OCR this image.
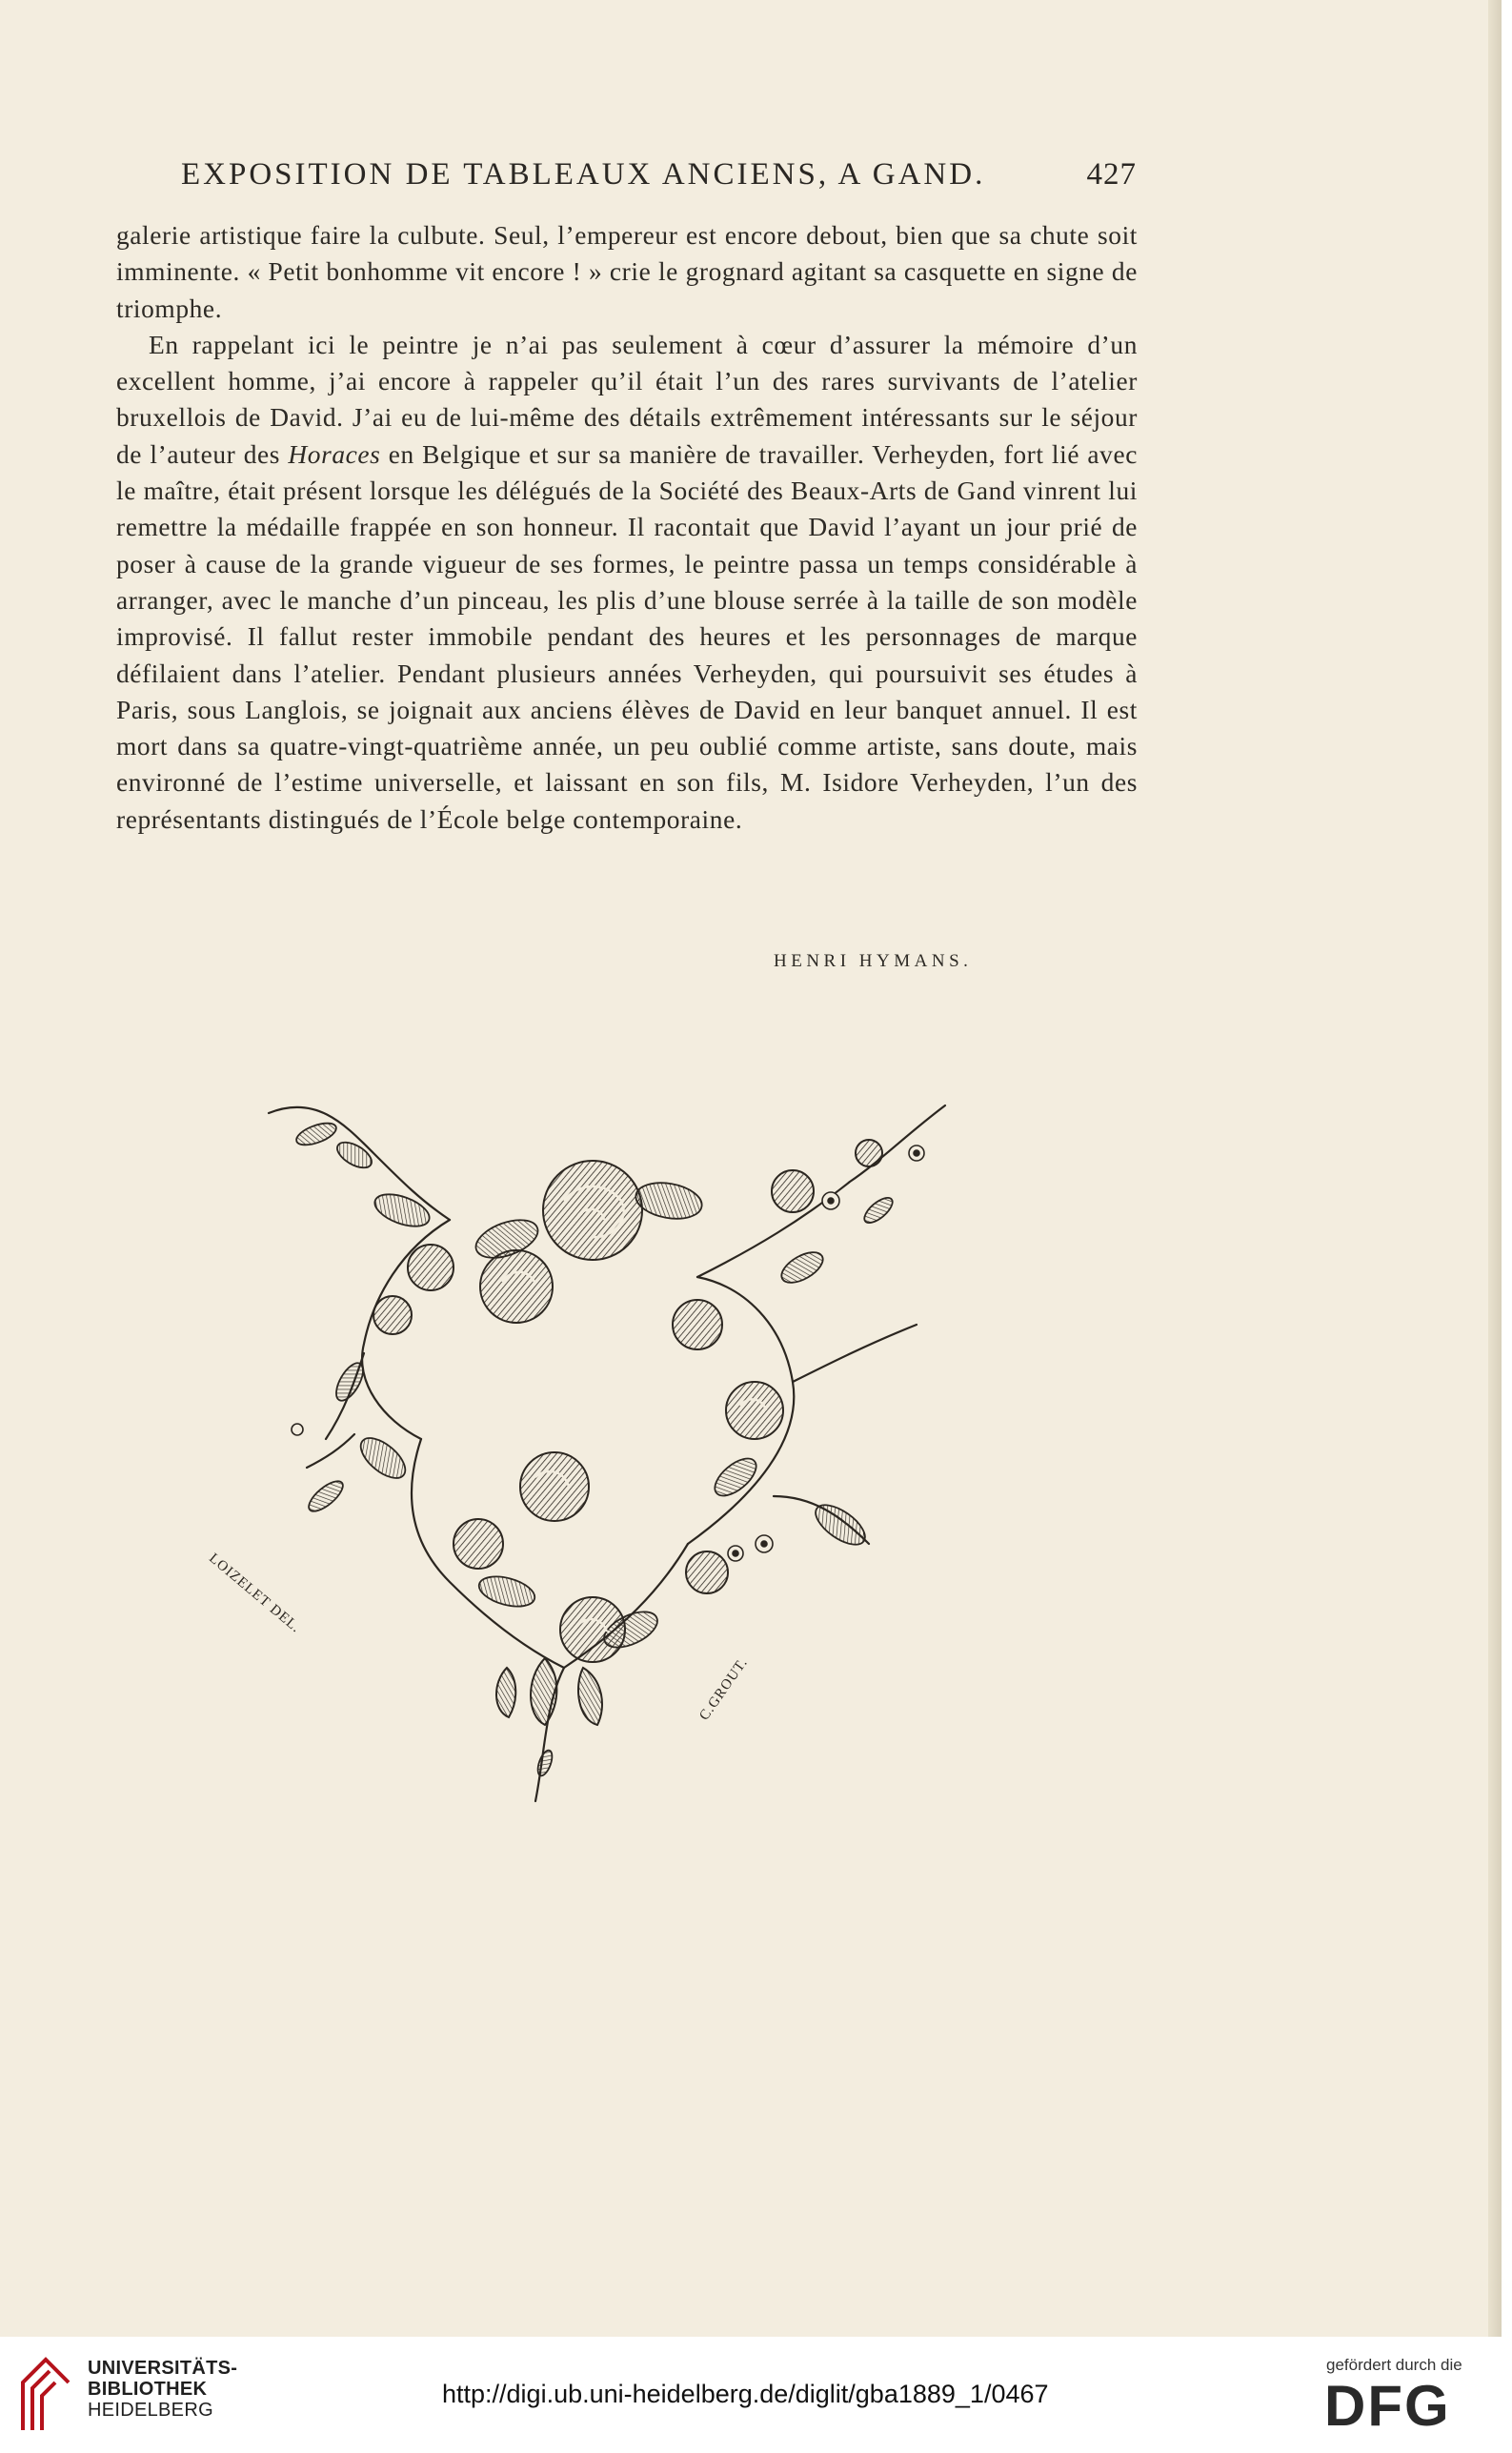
EXPOSITION DE TABLEAUX ANCIENS, A GAND.	427

galerie artistique faire la culbute. Seul, l’empereur est encore debout, bien que sa chute soit imminente. « Petit bonhomme vit encore ! » crie le grognard agitant sa casquette en signe de triomphe.

En rappelant ici le peintre je n’ai pas seulement à cœur d’assurer la mémoire d’un excellent homme, j’ai encore à rappeler qu’il était l’un des rares survivants de l’atelier bruxellois de David. J’ai eu de lui-même des détails extrêmement intéressants sur le séjour de l’auteur des Horaces en Belgique et sur sa manière de travailler. Verheyden, fort lié avec le maître, était présent lorsque les délégués de la Société des Beaux-Arts de Gand vinrent lui remettre la médaille frappée en son honneur. Il racontait que David l’ayant un jour prié de poser à cause de la grande vigueur de ses formes, le peintre passa un temps considérable à arranger, avec le manche d’un pinceau, les plis d’une blouse serrée à la taille de son modèle improvisé. Il fallut rester immobile pendant des heures et les personnages de marque défilaient dans l’atelier. Pendant plusieurs années Verheyden, qui poursuivit ses études à Paris, sous Langlois, se joignait aux anciens élèves de David en leur banquet annuel. Il est mort dans sa quatre-vingt-quatrième année, un peu oublié comme artiste, sans doute, mais environné de l’estime universelle, et laissant en son fils, M. Isidore Verheyden, l’un des représentants distingués de l’École belge contemporaine.

HENRI HYMANS.
LOIZELET DEL.
C.GROUT.
UNIVERSITÄTS-
BIBLIOTHEK
HEIDELBERG
http://digi.ub.uni-heidelberg.de/diglit/gba1889_1/0467
gefördert durch die
DFG
